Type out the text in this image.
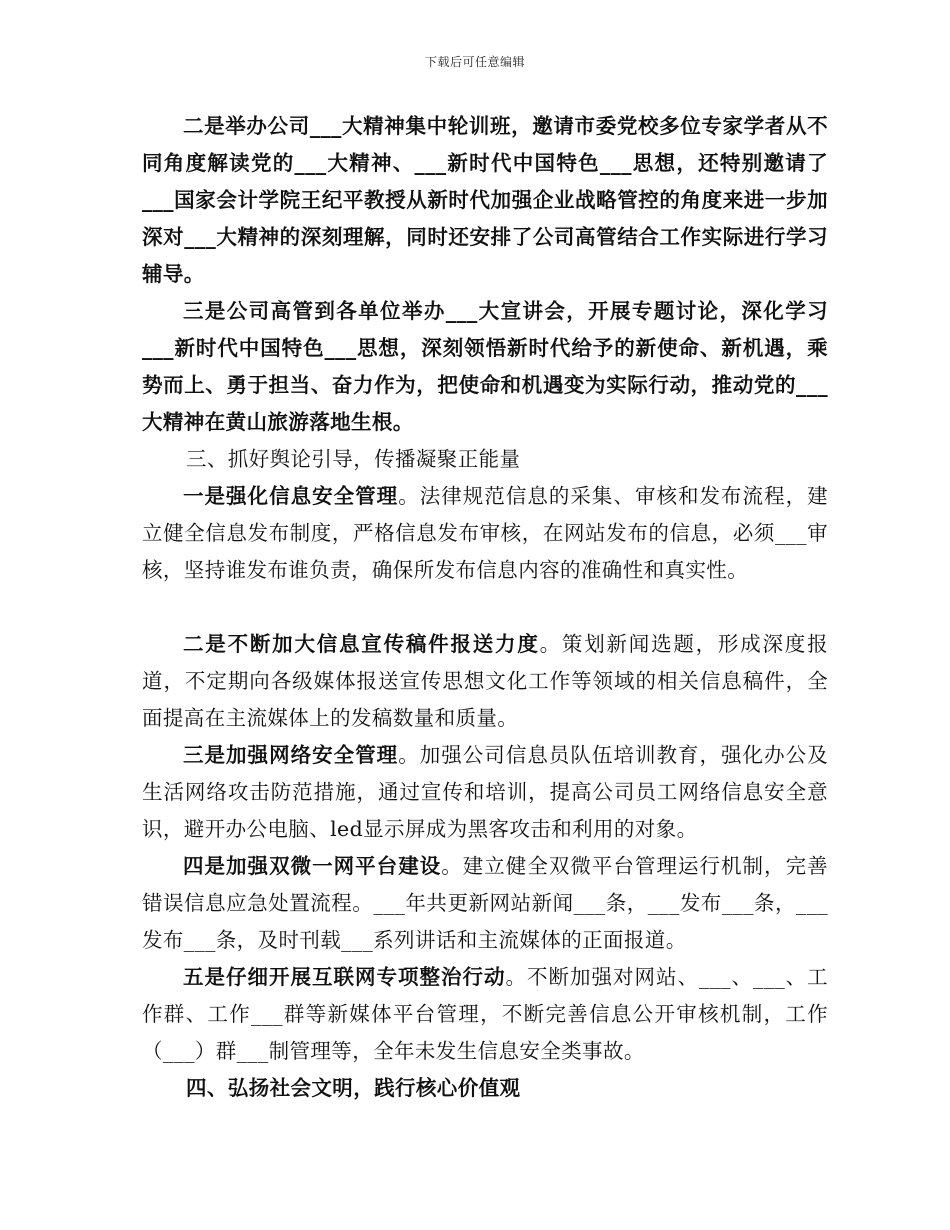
下载后可任意编辑

二是举办公司___大精神集中轮训班，邀请市委党校多位专家学者从不同角度解读党的___大精神、___新时代中国特色___思想，还特别邀请了___国家会计学院王纪平教授从新时代加强企业战略管控的角度来进一步加深对___大精神的深刻理解，同时还安排了公司高管结合工作实际进行学习辅导。

三是公司高管到各单位举办___大宣讲会，开展专题讨论，深化学习___新时代中国特色___思想，深刻领悟新时代给予的新使命、新机遇，乘势而上、勇于担当、奋力作为，把使命和机遇变为实际行动，推动党的___大精神在黄山旅游落地生根。

三、抓好舆论引导，传播凝聚正能量

一是强化信息安全管理。法律规范信息的采集、审核和发布流程，建立健全信息发布制度，严格信息发布审核，在网站发布的信息，必须___审核，坚持谁发布谁负责，确保所发布信息内容的准确性和真实性。

二是不断加大信息宣传稿件报送力度。策划新闻选题，形成深度报道，不定期向各级媒体报送宣传思想文化工作等领域的相关信息稿件，全面提高在主流媒体上的发稿数量和质量。

三是加强网络安全管理。加强公司信息员队伍培训教育，强化办公及生活网络攻击防范措施，通过宣传和培训，提高公司员工网络信息安全意识，避开办公电脑、led显示屏成为黑客攻击和利用的对象。

四是加强双微一网平台建设。建立健全双微平台管理运行机制，完善错误信息应急处置流程。___年共更新网站新闻___条，___发布___条，___发布___条，及时刊载___系列讲话和主流媒体的正面报道。

五是仔细开展互联网专项整治行动。不断加强对网站、___、___、工作群、工作___群等新媒体平台管理，不断完善信息公开审核机制，工作（___）群___制管理等，全年未发生信息安全类事故。

四、弘扬社会文明，践行核心价值观
